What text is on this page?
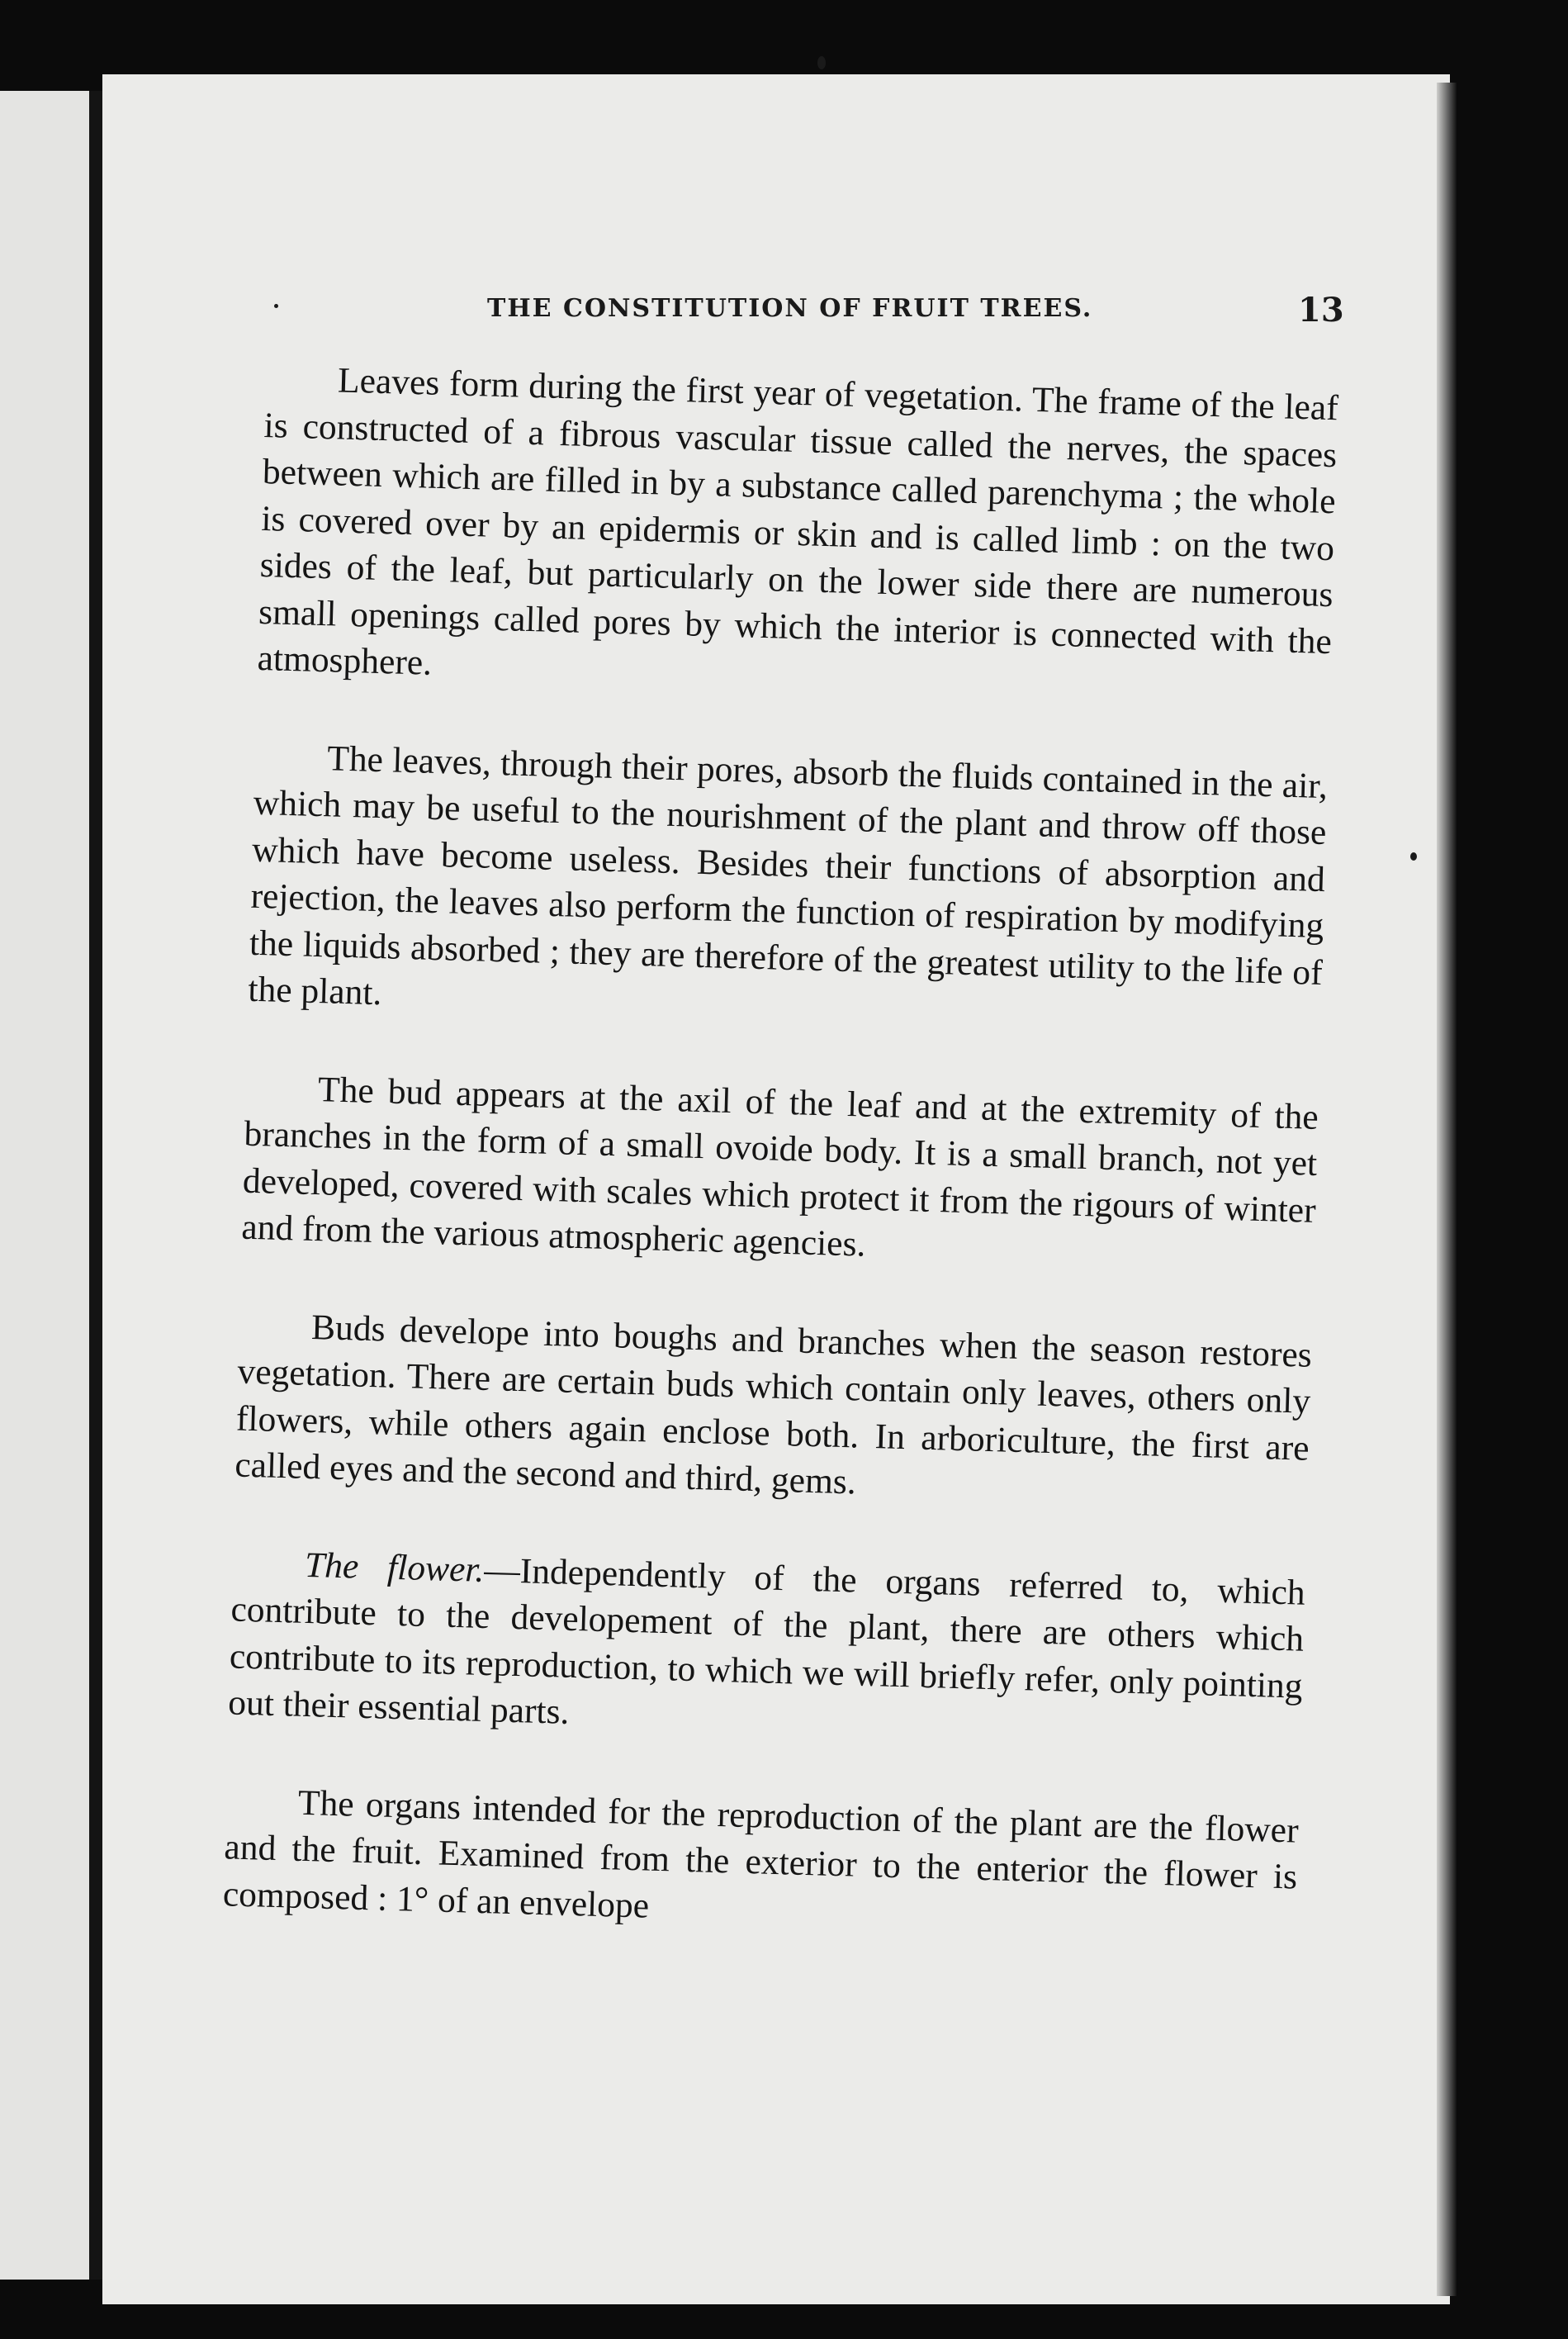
THE CONSTITUTION OF FRUIT TREES.	13

Leaves form during the first year of vegetation. The frame of the leaf is constructed of a fibrous vascular tissue called the nerves, the spaces between which are filled in by a substance called parenchyma ; the whole is covered over by an epidermis or skin and is called limb : on the two sides of the leaf, but particularly on the lower side there are numerous small openings called pores by which the interior is connected with the atmosphere.

The leaves, through their pores, absorb the fluids contained in the air, which may be useful to the nourishment of the plant and throw off those which have become useless. Besides their functions of absorption and rejection, the leaves also perform the function of respiration by modifying the liquids absorbed ; they are therefore of the greatest utility to the life of the plant.

The bud appears at the axil of the leaf and at the extremity of the branches in the form of a small ovoide body. It is a small branch, not yet developed, covered with scales which protect it from the rigours of winter and from the various atmospheric agencies.

Buds develope into boughs and branches when the season restores vegetation. There are certain buds which contain only leaves, others only flowers, while others again enclose both. In arboriculture, the first are called eyes and the second and third, gems.

The flower.—Independently of the organs referred to, which contribute to the developement of the plant, there are others which contribute to its reproduction, to which we will briefly refer, only pointing out their essential parts.

The organs intended for the reproduction of the plant are the flower and the fruit. Examined from the exterior to the enterior the flower is composed : 1° of an envelope
